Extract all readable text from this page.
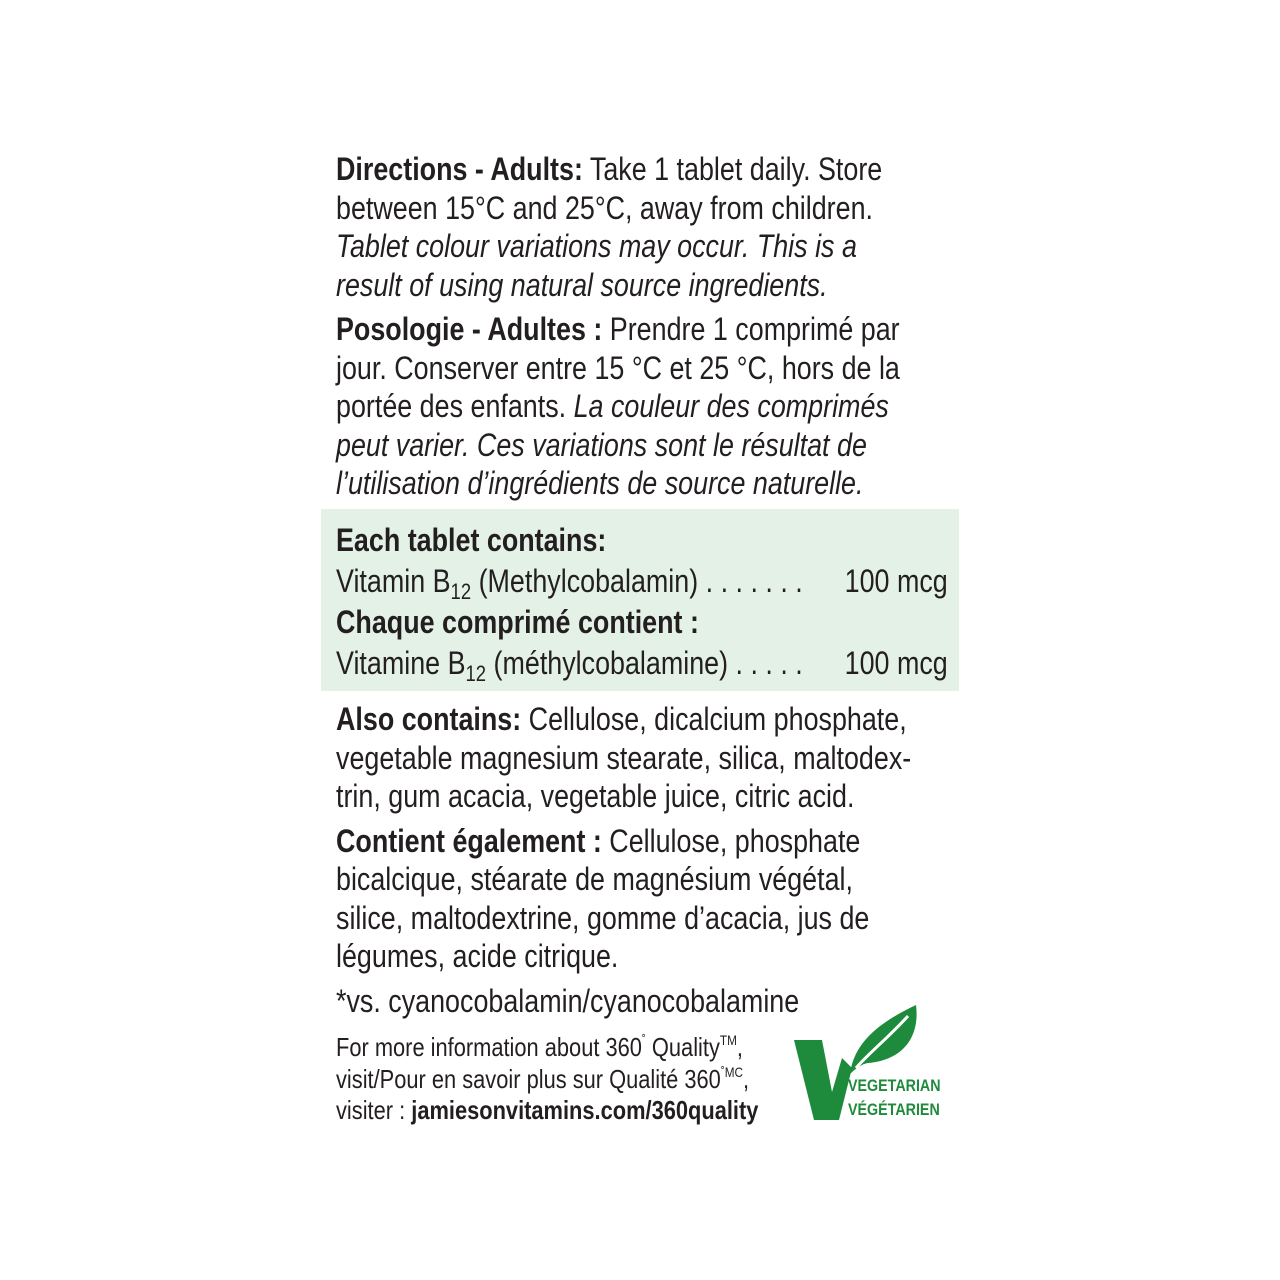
Directions - Adults: Take 1 tablet daily. Store
between 15°C and 25°C, away from children.
Tablet colour variations may occur. This is a
result of using natural source ingredients.
Posologie - Adultes : Prendre 1 comprimé par
jour. Conserver entre 15 °C et 25 °C, hors de la
portée des enfants. La couleur des comprimés
peut varier. Ces variations sont le résultat de
l’utilisation d’ingrédients de source naturelle.
Each tablet contains:
Vitamin $B_{12}$ (Methylcobalamin) . . . . . . .	100 mcg
Chaque comprimé contient :
Vitamine $B_{12}$ (méthylcobalamine) . . . . .	100 mcg
Also contains: Cellulose, dicalcium phosphate,
vegetable magnesium stearate, silica, maltodex-
trin, gum acacia, vegetable juice, citric acid.
Contient également : Cellulose, phosphate
bicalcique, stéarate de magnésium végétal,
silice, maltodextrine, gomme d’acacia, jus de
légumes, acide citrique.
*vs. cyanocobalamin/cyanocobalamine
For more information about 360˚ Quality™,
visit/Pour en savoir plus sur Qualité $360^{˚MC}$,
visiter : jamiesonvitamins.com/360quality
VEGETARIAN
VÉGÉTARIEN
